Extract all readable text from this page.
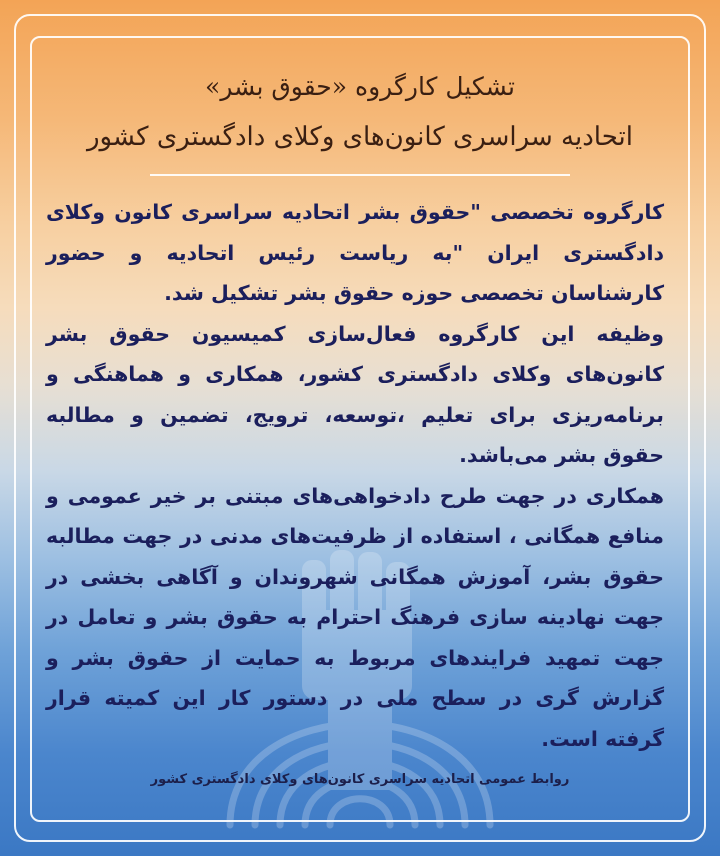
تشکیل کارگروه «حقوق بشر»
اتحادیه سراسری کانون‌های وکلای دادگستری کشور

کارگروه تخصصی "حقوق بشر اتحادیه سراسری کانون وکلای دادگستری ایران "به ریاست رئیس اتحادیه و حضور کارشناسان تخصصی حوزه حقوق بشر تشکیل شد.

وظیفه این کارگروه فعال‌سازی کمیسیون حقوق بشر کانون‌های وکلای دادگستری کشور، همکاری و هماهنگی و برنامه‌ریزی برای تعلیم ،توسعه، ترویج، تضمین و مطالبه حقوق بشر می‌باشد.

همکاری در جهت طرح دادخواهی‌های مبتنی بر خیر عمومی و منافع همگانی ، استفاده از ظرفیت‌های مدنی در جهت مطالبه حقوق بشر، آموزش همگانی شهروندان و آگاهی بخشی در جهت نهادینه سازی فرهنگ احترام به حقوق بشر و تعامل در جهت تمهید فرایندهای مربوط به حمایت از حقوق بشر و گزارش گری در سطح ملی در دستور کار این کمیته قرار گرفته است.

روابط عمومی اتحادیه سراسری کانون‌های وکلای دادگستری کشور
